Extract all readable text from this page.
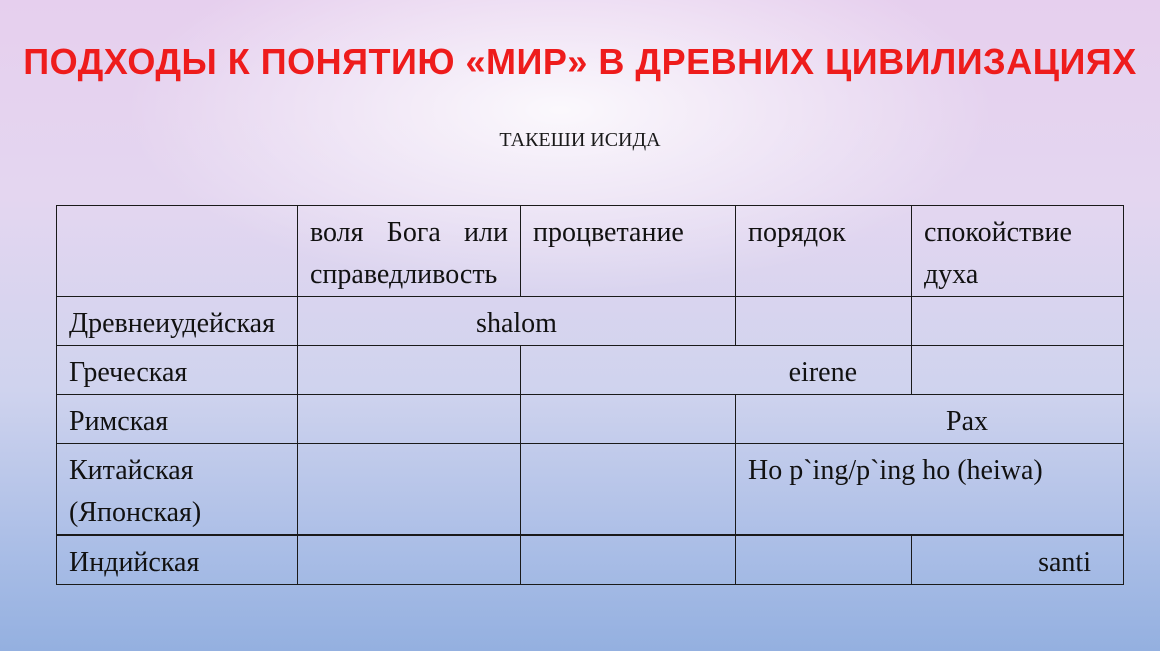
ПОДХОДЫ К ПОНЯТИЮ «МИР» В ДРЕВНИХ ЦИВИЛИЗАЦИЯХ
ТАКЕШИ ИСИДА
	воля Бога или справедливость	процветание	порядок	спокойствие духа
Древнеиудейская	shalom			
Греческая		eirene		
Римская			Pax	
Китайская (Японская)			Ho p`ing/p`ing ho (heiwa)	
Индийская				santi
